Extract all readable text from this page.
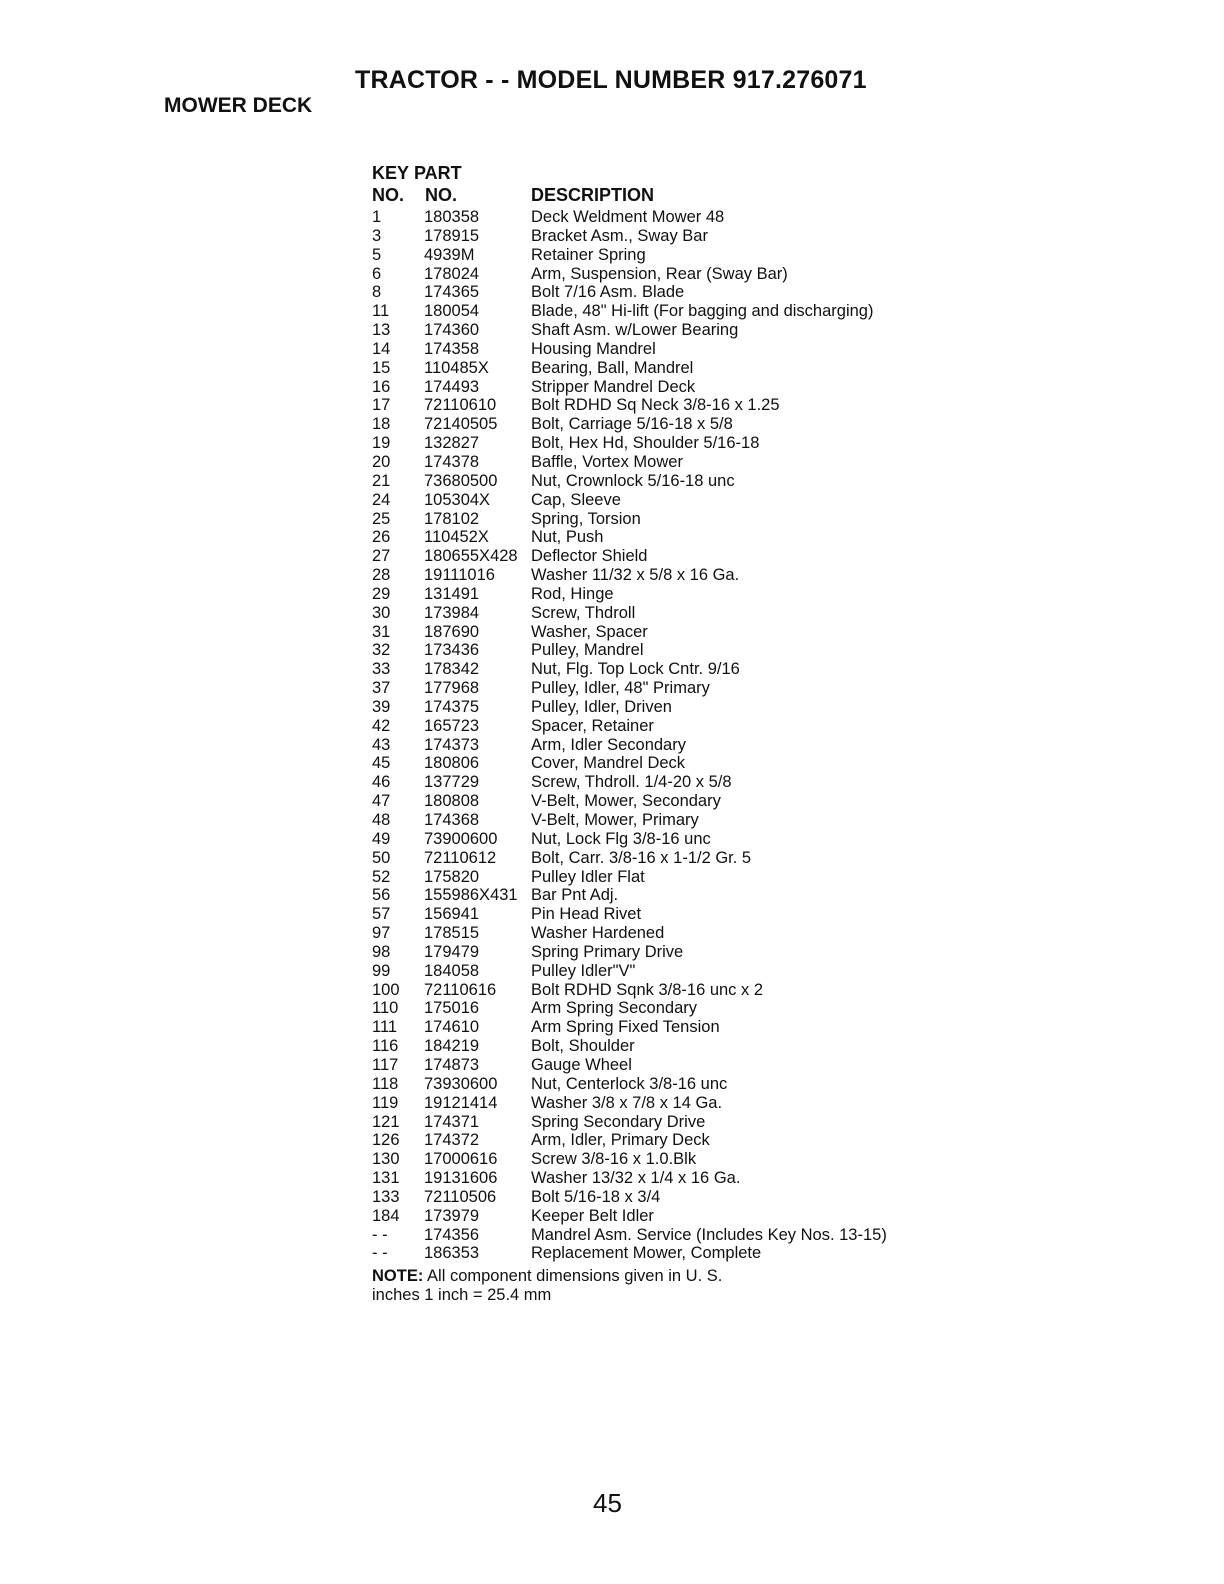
TRACTOR - - MODEL NUMBER 917.276071
MOWER DECK
KEY PART
NO. NO.	DESCRIPTION
1	180358	Deck Weldment Mower 48
3	178915	Bracket Asm., Sway Bar
5	4939M	Retainer Spring
6	178024	Arm, Suspension, Rear (Sway Bar)
8	174365	Bolt 7/16 Asm. Blade
11 180054	Blade, 48" Hi-lift (For bagging and discharging)
13 174360	Shaft Asm. w/Lower Bearing
14 174358	Housing Mandrel
15 110485X	Bearing, Ball, Mandrel
16 174493	Stripper Mandrel Deck
17 72110610 Bolt RDHD Sq Neck 3/8-16 x 1.25
18 72140505 Bolt, Carriage 5/16-18 x 5/8
19 132827	Bolt, Hex Hd, Shoulder 5/16-18
20 174378	Baffle, Vortex Mower
21 73680500 Nut, Crownlock 5/16-18 unc
24 105304X Cap, Sleeve
25 178102	Spring, Torsion
26 110452X	Nut, Push
27 180655X428 Deflector Shield
28 19111016 Washer 11/32 x 5/8 x 16 Ga.
29 131491	Rod, Hinge
30 173984	Screw, Thdroll
31 187690	Washer, Spacer
32 173436	Pulley, Mandrel
33 178342	Nut, Flg. Top Lock Cntr. 9/16
37 177968	Pulley, Idler, 48" Primary
39 174375	Pulley, Idler, Driven
42 165723	Spacer, Retainer
43 174373	Arm, Idler Secondary
45 180806	Cover, Mandrel Deck
46 137729	Screw, Thdroll. 1/4-20 x 5/8
47 180808	V-Belt, Mower, Secondary
48 174368	V-Belt, Mower, Primary
49 73900600 Nut, Lock Flg 3/8-16 unc
50 72110612 Bolt, Carr. 3/8-16 x 1-1/2 Gr. 5
52 175820	Pulley Idler Flat
56 155986X431 Bar Pnt Adj.
57 156941	Pin Head Rivet
97 178515	Washer Hardened
98 179479	Spring Primary Drive
99 184058	Pulley Idler"V"
100 72110616 Bolt RDHD Sqnk 3/8-16 unc x 2
110 175016	Arm Spring Secondary
111 174610	Arm Spring Fixed Tension
116 184219	Bolt, Shoulder
117 174873	Gauge Wheel
118 73930600 Nut, Centerlock 3/8-16 unc
119 19121414 Washer 3/8 x 7/8 x 14 Ga.
121 174371	Spring Secondary Drive
126 174372	Arm, Idler, Primary Deck
130 17000616 Screw 3/8-16 x 1.0.Blk
131 19131606 Washer 13/32 x 1/4 x 16 Ga.
133 72110506 Bolt 5/16-18 x 3/4
184 173979	Keeper Belt Idler
- - 174356	Mandrel Asm. Service (Includes Key Nos. 13-15)
- - 186353	Replacement Mower, Complete
NOTE: All component dimensions given in U. S. inches 1 inch = 25.4 mm
45
